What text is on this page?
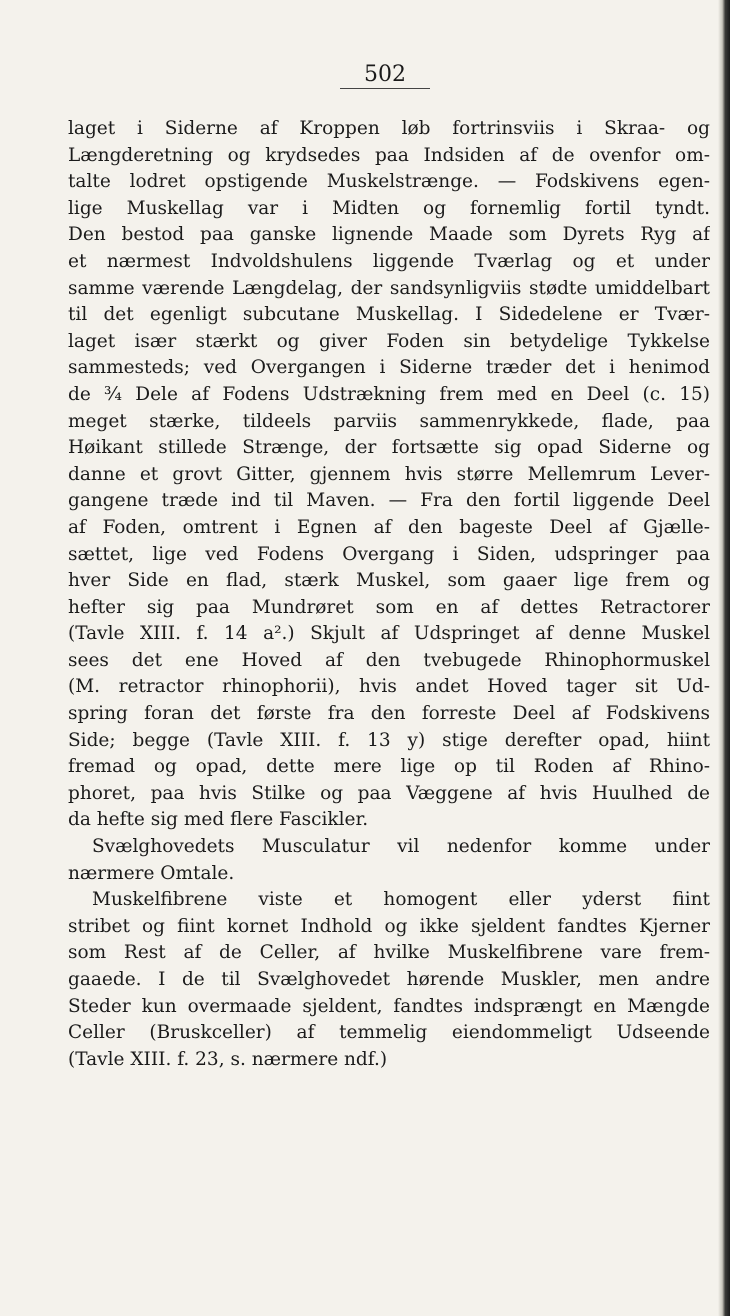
502
laget i Siderne af Kroppen løb fortrinsviis i Skraa- og
Længderetning og krydsedes paa Indsiden af de ovenfor om-
talte lodret opstigende Muskelstrænge. — Fodskivens egen-
lige Muskellag var i Midten og fornemlig fortil tyndt.
Den bestod paa ganske lignende Maade som Dyrets Ryg af
et nærmest Indvoldshulens liggende Tværlag og et under
samme værende Længdelag, der sandsynligviis stødte umiddelbart
til det egenligt subcutane Muskellag. I Sidedelene er Tvær-
laget især stærkt og giver Foden sin betydelige Tykkelse
sammesteds; ved Overgangen i Siderne træder det i henimod
de ¾ Dele af Fodens Udstrækning frem med en Deel (c. 15)
meget stærke, tildeels parviis sammenrykkede, flade, paa
Høikant stillede Strænge, der fortsætte sig opad Siderne og
danne et grovt Gitter, gjennem hvis større Mellemrum Lever-
gangene træde ind til Maven. — Fra den fortil liggende Deel
af Foden, omtrent i Egnen af den bageste Deel af Gjælle-
sættet, lige ved Fodens Overgang i Siden, udspringer paa
hver Side en flad, stærk Muskel, som gaaer lige frem og
hefter sig paa Mundrøret som en af dettes Retractorer
(Tavle XIII. f. 14 a².) Skjult af Udspringet af denne Muskel
sees det ene Hoved af den tvebugede Rhinophormuskel
(M. retractor rhinophorii), hvis andet Hoved tager sit Ud-
spring foran det første fra den forreste Deel af Fodskivens
Side; begge (Tavle XIII. f. 13 y) stige derefter opad, hiint
fremad og opad, dette mere lige op til Roden af Rhino-
phoret, paa hvis Stilke og paa Væggene af hvis Huulhed de
da hefte sig med flere Fascikler.
Svælghovedets Musculatur vil nedenfor komme under
nærmere Omtale.
Muskelfibrene viste et homogent eller yderst fiint
stribet og fiint kornet Indhold og ikke sjeldent fandtes Kjerner
som Rest af de Celler, af hvilke Muskelfibrene vare frem-
gaaede. I de til Svælghovedet hørende Muskler, men andre
Steder kun overmaade sjeldent, fandtes indsprængt en Mængde
Celler (Bruskceller) af temmelig eiendommeligt Udseende
(Tavle XIII. f. 23, s. nærmere ndf.)
